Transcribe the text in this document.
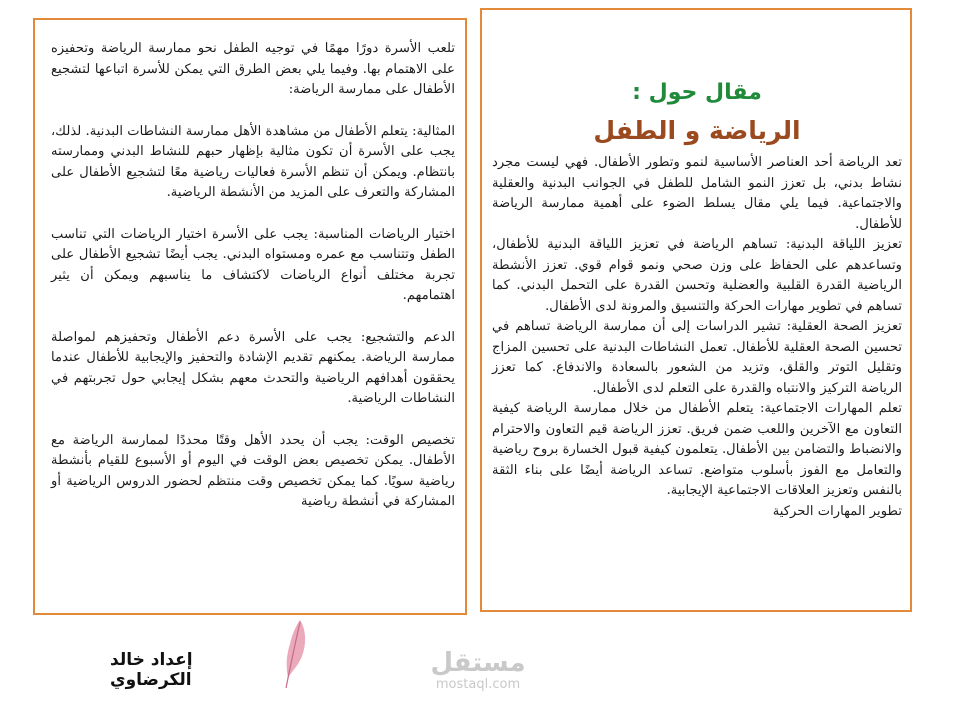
تلعب الأسرة دورًا مهمًا في توجيه الطفل نحو ممارسة الرياضة وتحفيزه على الاهتمام بها. وفيما يلي بعض الطرق التي يمكن للأسرة اتباعها لتشجيع الأطفال على ممارسة الرياضة:

المثالية: يتعلم الأطفال من مشاهدة الأهل ممارسة النشاطات البدنية. لذلك، يجب على الأسرة أن تكون مثالية بإظهار حبهم للنشاط البدني وممارسته بانتظام. ويمكن أن تنظم الأسرة فعاليات رياضية معًا لتشجيع الأطفال على المشاركة والتعرف على المزيد من الأنشطة الرياضية.

اختيار الرياضات المناسبة: يجب على الأسرة اختيار الرياضات التي تناسب الطفل وتتناسب مع عمره ومستواه البدني. يجب أيضًا تشجيع الأطفال على تجربة مختلف أنواع الرياضات لاكتشاف ما يناسبهم ويمكن أن يثير اهتمامهم.

الدعم والتشجيع: يجب على الأسرة دعم الأطفال وتحفيزهم لمواصلة ممارسة الرياضة. يمكنهم تقديم الإشادة والتحفيز والإيجابية للأطفال عندما يحققون أهدافهم الرياضية والتحدث معهم بشكل إيجابي حول تجربتهم في النشاطات الرياضية.

تخصيص الوقت: يجب أن يحدد الأهل وقتًا محددًا لممارسة الرياضة مع الأطفال. يمكن تخصيص بعض الوقت في اليوم أو الأسبوع للقيام بأنشطة رياضية سويًا. كما يمكن تخصيص وقت منتظم لحضور الدروس الرياضية أو المشاركة في أنشطة رياضية

مقال حول :
الرياضة و الطفل

تعد الرياضة أحد العناصر الأساسية لنمو وتطور الأطفال. فهي ليست مجرد نشاط بدني، بل تعزز النمو الشامل للطفل في الجوانب البدنية والعقلية والاجتماعية. فيما يلي مقال يسلط الضوء على أهمية ممارسة الرياضة للأطفال.

تعزيز اللياقة البدنية: تساهم الرياضة في تعزيز اللياقة البدنية للأطفال، وتساعدهم على الحفاظ على وزن صحي ونمو قوام قوي. تعزز الأنشطة الرياضية القدرة القلبية والعضلية وتحسن القدرة على التحمل البدني. كما تساهم في تطوير مهارات الحركة والتنسيق والمرونة لدى الأطفال.

تعزيز الصحة العقلية: تشير الدراسات إلى أن ممارسة الرياضة تساهم في تحسين الصحة العقلية للأطفال. تعمل النشاطات البدنية على تحسين المزاج وتقليل التوتر والقلق، وتزيد من الشعور بالسعادة والاندفاع. كما تعزز الرياضة التركيز والانتباه والقدرة على التعلم لدى الأطفال.

تعلم المهارات الاجتماعية: يتعلم الأطفال من خلال ممارسة الرياضة كيفية التعاون مع الآخرين واللعب ضمن فريق. تعزز الرياضة قيم التعاون والاحترام والانضباط والتضامن بين الأطفال. يتعلمون كيفية قبول الخسارة بروح رياضية والتعامل مع الفوز بأسلوب متواضع. تساعد الرياضة أيضًا على بناء الثقة بالنفس وتعزيز العلاقات الاجتماعية الإيجابية.

تطوير المهارات الحركية

إعداد خالد الكرضاوي
مستقل
mostaql.com
